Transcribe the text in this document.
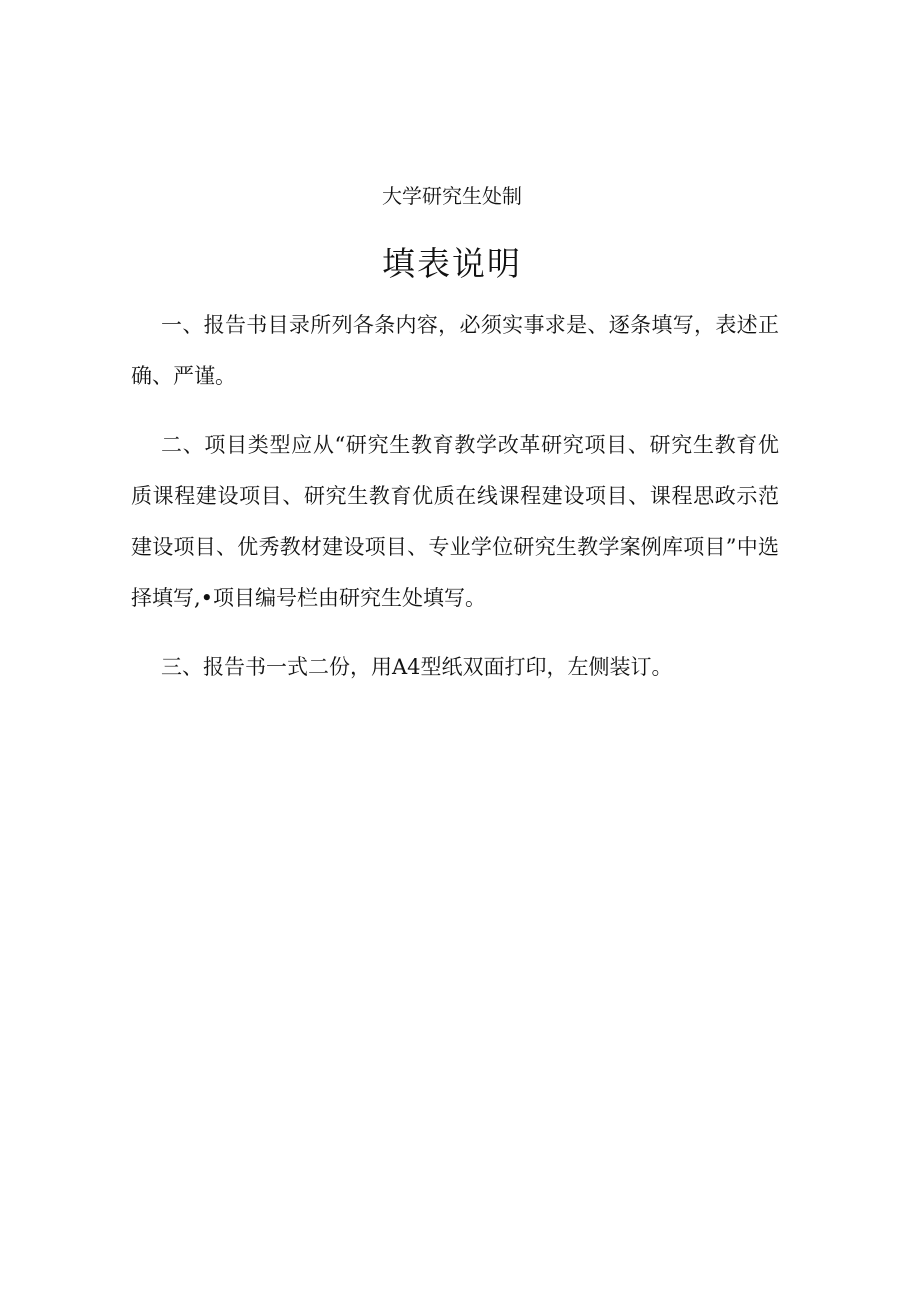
大学研究生处制
填表说明

一、报告书目录所列各条内容，必须实事求是、逐条填写，表述正确、严谨。

二、项目类型应从“研究生教育教学改革研究项目、研究生教育优质课程建设项目、研究生教育优质在线课程建设项目、课程思政示范建设项目、优秀教材建设项目、专业学位研究生教学案例库项目”中选择填写,•项目编号栏由研究生处填写。

三、报告书一式二份，用A4型纸双面打印，左侧装订。
